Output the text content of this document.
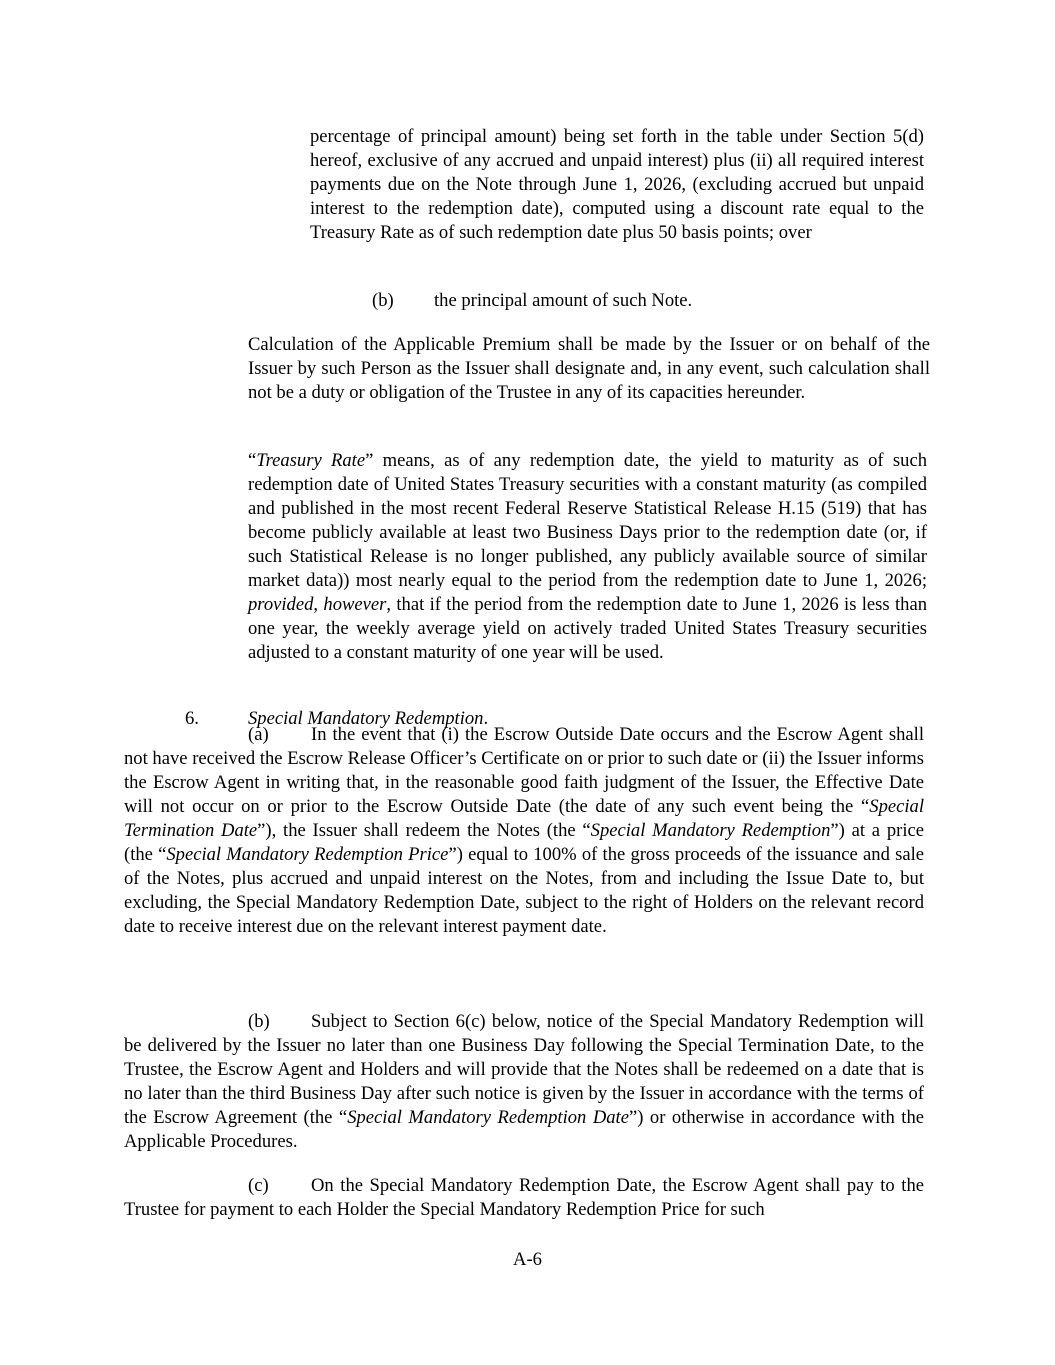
percentage of principal amount) being set forth in the table under Section 5(d) hereof, exclusive of any accrued and unpaid interest) plus (ii) all required interest payments due on the Note through June 1, 2026, (excluding accrued but unpaid interest to the redemption date), computed using a discount rate equal to the Treasury Rate as of such redemption date plus 50 basis points; over

(b) the principal amount of such Note.

Calculation of the Applicable Premium shall be made by the Issuer or on behalf of the Issuer by such Person as the Issuer shall designate and, in any event, such calculation shall not be a duty or obligation of the Trustee in any of its capacities hereunder.

“Treasury Rate” means, as of any redemption date, the yield to maturity as of such redemption date of United States Treasury securities with a constant maturity (as compiled and published in the most recent Federal Reserve Statistical Release H.15 (519) that has become publicly available at least two Business Days prior to the redemption date (or, if such Statistical Release is no longer published, any publicly available source of similar market data)) most nearly equal to the period from the redemption date to June 1, 2026; provided, however, that if the period from the redemption date to June 1, 2026 is less than one year, the weekly average yield on actively traded United States Treasury securities adjusted to a constant maturity of one year will be used.

6.	Special Mandatory Redemption.

(a) In the event that (i) the Escrow Outside Date occurs and the Escrow Agent shall not have received the Escrow Release Officer’s Certificate on or prior to such date or (ii) the Issuer informs the Escrow Agent in writing that, in the reasonable good faith judgment of the Issuer, the Effective Date will not occur on or prior to the Escrow Outside Date (the date of any such event being the “Special Termination Date”), the Issuer shall redeem the Notes (the “Special Mandatory Redemption”) at a price (the “Special Mandatory Redemption Price”) equal to 100% of the gross proceeds of the issuance and sale of the Notes, plus accrued and unpaid interest on the Notes, from and including the Issue Date to, but excluding, the Special Mandatory Redemption Date, subject to the right of Holders on the relevant record date to receive interest due on the relevant interest payment date.

(b) Subject to Section 6(c) below, notice of the Special Mandatory Redemption will be delivered by the Issuer no later than one Business Day following the Special Termination Date, to the Trustee, the Escrow Agent and Holders and will provide that the Notes shall be redeemed on a date that is no later than the third Business Day after such notice is given by the Issuer in accordance with the terms of the Escrow Agreement (the “Special Mandatory Redemption Date”) or otherwise in accordance with the Applicable Procedures.

(c) On the Special Mandatory Redemption Date, the Escrow Agent shall pay to the Trustee for payment to each Holder the Special Mandatory Redemption Price for such

A-6
